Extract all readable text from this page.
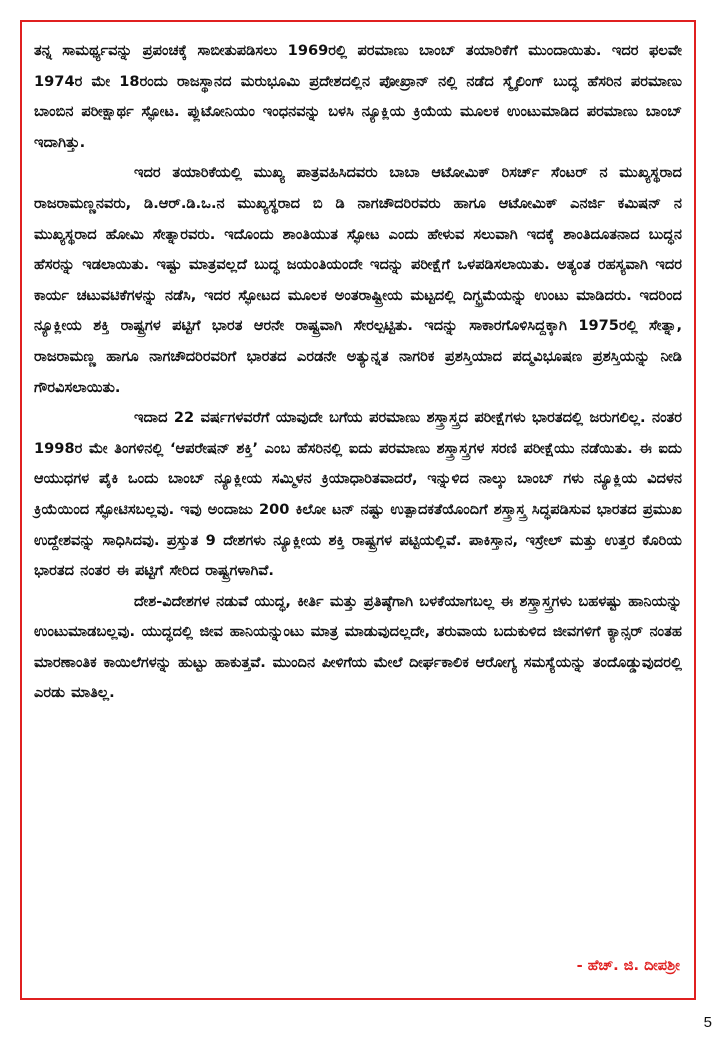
ತನ್ನ ಸಾಮರ್ಥ್ಯವನ್ನು ಪ್ರಪಂಚಕ್ಕೆ ಸಾಬೀತುಪಡಿಸಲು 1969ರಲ್ಲಿ ಪರಮಾಣು ಬಾಂಬ್ ತಯಾರಿಕೆಗೆ ಮುಂದಾಯಿತು. ಇದರ ಫಲವೇ 1974ರ ಮೇ 18ರಂದು ರಾಜಸ್ಥಾನದ ಮರುಭೂಮಿ ಪ್ರದೇಶದಲ್ಲಿನ ಪೋಖ್ರಾನ್ ನಲ್ಲಿ ನಡೆದ ಸ್ಮೈಲಿಂಗ್ ಬುದ್ಧ ಹೆಸರಿನ ಪರಮಾಣು ಬಾಂಬಿನ ಪರೀಕ್ಷಾರ್ಥ ಸ್ಫೋಟ. ಪ್ಲುಟೋನಿಯಂ ಇಂಧನವನ್ನು ಬಳಸಿ ನ್ಯೂಕ್ಲಿಯ ಕ್ರಿಯೆಯ ಮೂಲಕ ಉಂಟುಮಾಡಿದ ಪರಮಾಣು ಬಾಂಬ್ ಇದಾಗಿತ್ತು.

ಇದರ ತಯಾರಿಕೆಯಲ್ಲಿ ಮುಖ್ಯ ಪಾತ್ರವಹಿಸಿದವರು ಬಾಬಾ ಆಟೋಮಿಕ್ ರಿಸರ್ಚ್ ಸೆಂಟರ್ ನ ಮುಖ್ಯಸ್ಥರಾದ ರಾಜರಾಮಣ್ಣನವರು, ಡಿ.ಆರ್.ಡಿ.ಒ.ನ ಮುಖ್ಯಸ್ಥರಾದ ಬಿ ಡಿ ನಾಗಚೌದರಿರವರು ಹಾಗೂ ಆಟೋಮಿಕ್ ಎನರ್ಜಿ ಕಮಿಷನ್ ನ ಮುಖ್ಯಸ್ಥರಾದ ಹೋಮಿ ಸೇತ್ನಾರವರು. ಇದೊಂದು ಶಾಂತಿಯುತ ಸ್ಫೋಟ ಎಂದು ಹೇಳುವ ಸಲುವಾಗಿ ಇದಕ್ಕೆ ಶಾಂತಿದೂತನಾದ ಬುದ್ಧನ ಹೆಸರನ್ನು ಇಡಲಾಯಿತು. ಇಷ್ಟು ಮಾತ್ರವಲ್ಲದೆ ಬುದ್ಧ ಜಯಂತಿಯಂದೇ ಇದನ್ನು ಪರೀಕ್ಷೆಗೆ ಒಳಪಡಿಸಲಾಯಿತು. ಅತ್ಯಂತ ರಹಸ್ಯವಾಗಿ ಇದರ ಕಾರ್ಯ ಚಟುವಟಿಕೆಗಳನ್ನು ನಡೆಸಿ, ಇದರ ಸ್ಫೋಟದ ಮೂಲಕ ಅಂತರಾಷ್ಟ್ರೀಯ ಮಟ್ಟದಲ್ಲಿ ದಿಗ್ಭ್ರಮೆಯನ್ನು ಉಂಟು ಮಾಡಿದರು. ಇದರಿಂದ ನ್ಯೂಕ್ಲೀಯ ಶಕ್ತಿ ರಾಷ್ಟ್ರಗಳ ಪಟ್ಟಿಗೆ ಭಾರತ ಆರನೇ ರಾಷ್ಟ್ರವಾಗಿ ಸೇರಲ್ಪಟ್ಟಿತು. ಇದನ್ನು ಸಾಕಾರಗೊಳಿಸಿದ್ದಕ್ಕಾಗಿ 1975ರಲ್ಲಿ ಸೇತ್ನಾ, ರಾಜರಾಮಣ್ಣ ಹಾಗೂ ನಾಗಚೌದರಿರವರಿಗೆ ಭಾರತದ ಎರಡನೇ ಅತ್ಯುನ್ನತ ನಾಗರಿಕ ಪ್ರಶಸ್ತಿಯಾದ ಪದ್ಮವಿಭೂಷಣ ಪ್ರಶಸ್ತಿಯನ್ನು ನೀಡಿ ಗೌರವಿಸಲಾಯಿತು.

ಇದಾದ 22 ವರ್ಷಗಳವರೆಗೆ ಯಾವುದೇ ಬಗೆಯ ಪರಮಾಣು ಶಸ್ತ್ರಾಸ್ತ್ರದ ಪರೀಕ್ಷೆಗಳು ಭಾರತದಲ್ಲಿ ಜರುಗಲಿಲ್ಲ. ನಂತರ 1998ರ ಮೇ ತಿಂಗಳಿನಲ್ಲಿ ‘ಆಪರೇಷನ್ ಶಕ್ತಿ’ ಎಂಬ ಹೆಸರಿನಲ್ಲಿ ಐದು ಪರಮಾಣು ಶಸ್ತ್ರಾಸ್ತ್ರಗಳ ಸರಣಿ ಪರೀಕ್ಷೆಯು ನಡೆಯಿತು. ಈ ಐದು ಆಯುಧಗಳ ಪೈಕಿ ಒಂದು ಬಾಂಬ್ ನ್ಯೂಕ್ಲೀಯ ಸಮ್ಮಿಳನ ಕ್ರಿಯಾಧಾರಿತವಾದರೆ, ಇನ್ನುಳಿದ ನಾಲ್ಕು ಬಾಂಬ್ ಗಳು ನ್ಯೂಕ್ಲಿಯ ವಿದಳನ ಕ್ರಿಯೆಯಿಂದ ಸ್ಫೋಟಿಸಬಲ್ಲವು. ಇವು ಅಂದಾಜು 200 ಕಿಲೋ ಟನ್ ನಷ್ಟು ಉತ್ಪಾದಕತೆಯೊಂದಿಗೆ ಶಸ್ತ್ರಾಸ್ತ್ರ ಸಿದ್ಧಪಡಿಸುವ ಭಾರತದ ಪ್ರಮುಖ ಉದ್ದೇಶವನ್ನು ಸಾಧಿಸಿದವು. ಪ್ರಸ್ತುತ 9 ದೇಶಗಳು ನ್ಯೂಕ್ಲೀಯ ಶಕ್ತಿ ರಾಷ್ಟ್ರಗಳ ಪಟ್ಟಿಯಲ್ಲಿವೆ. ಪಾಕಿಸ್ತಾನ, ಇಸ್ರೇಲ್ ಮತ್ತು ಉತ್ತರ ಕೊರಿಯ ಭಾರತದ ನಂತರ ಈ ಪಟ್ಟಿಗೆ ಸೇರಿದ ರಾಷ್ಟ್ರಗಳಾಗಿವೆ.

ದೇಶ-ವಿದೇಶಗಳ ನಡುವೆ ಯುದ್ಧ, ಕೀರ್ತಿ ಮತ್ತು ಪ್ರತಿಷ್ಠೆಗಾಗಿ ಬಳಕೆಯಾಗಬಲ್ಲ ಈ ಶಸ್ತ್ರಾಸ್ತ್ರಗಳು ಬಹಳಷ್ಟು ಹಾನಿಯನ್ನು ಉಂಟುಮಾಡಬಲ್ಲವು. ಯುದ್ಧದಲ್ಲಿ ಜೀವ ಹಾನಿಯನ್ನುಂಟು ಮಾತ್ರ ಮಾಡುವುದಲ್ಲದೇ, ತರುವಾಯ ಬದುಕುಳಿದ ಜೀವಗಳಿಗೆ ಕ್ಯಾನ್ಸರ್ ನಂತಹ ಮಾರಣಾಂತಿಕ ಕಾಯಿಲೆಗಳನ್ನು ಹುಟ್ಟು ಹಾಕುತ್ತವೆ. ಮುಂದಿನ ಪೀಳಿಗೆಯ ಮೇಲೆ ದೀರ್ಘಕಾಲಿಕ ಆರೋಗ್ಯ ಸಮಸ್ಯೆಯನ್ನು ತಂದೊಡ್ಡುವುದರಲ್ಲಿ ಎರಡು ಮಾತಿಲ್ಲ.

- ಹೆಚ್. ಜಿ. ದೀಪಶ್ರೀ
5
